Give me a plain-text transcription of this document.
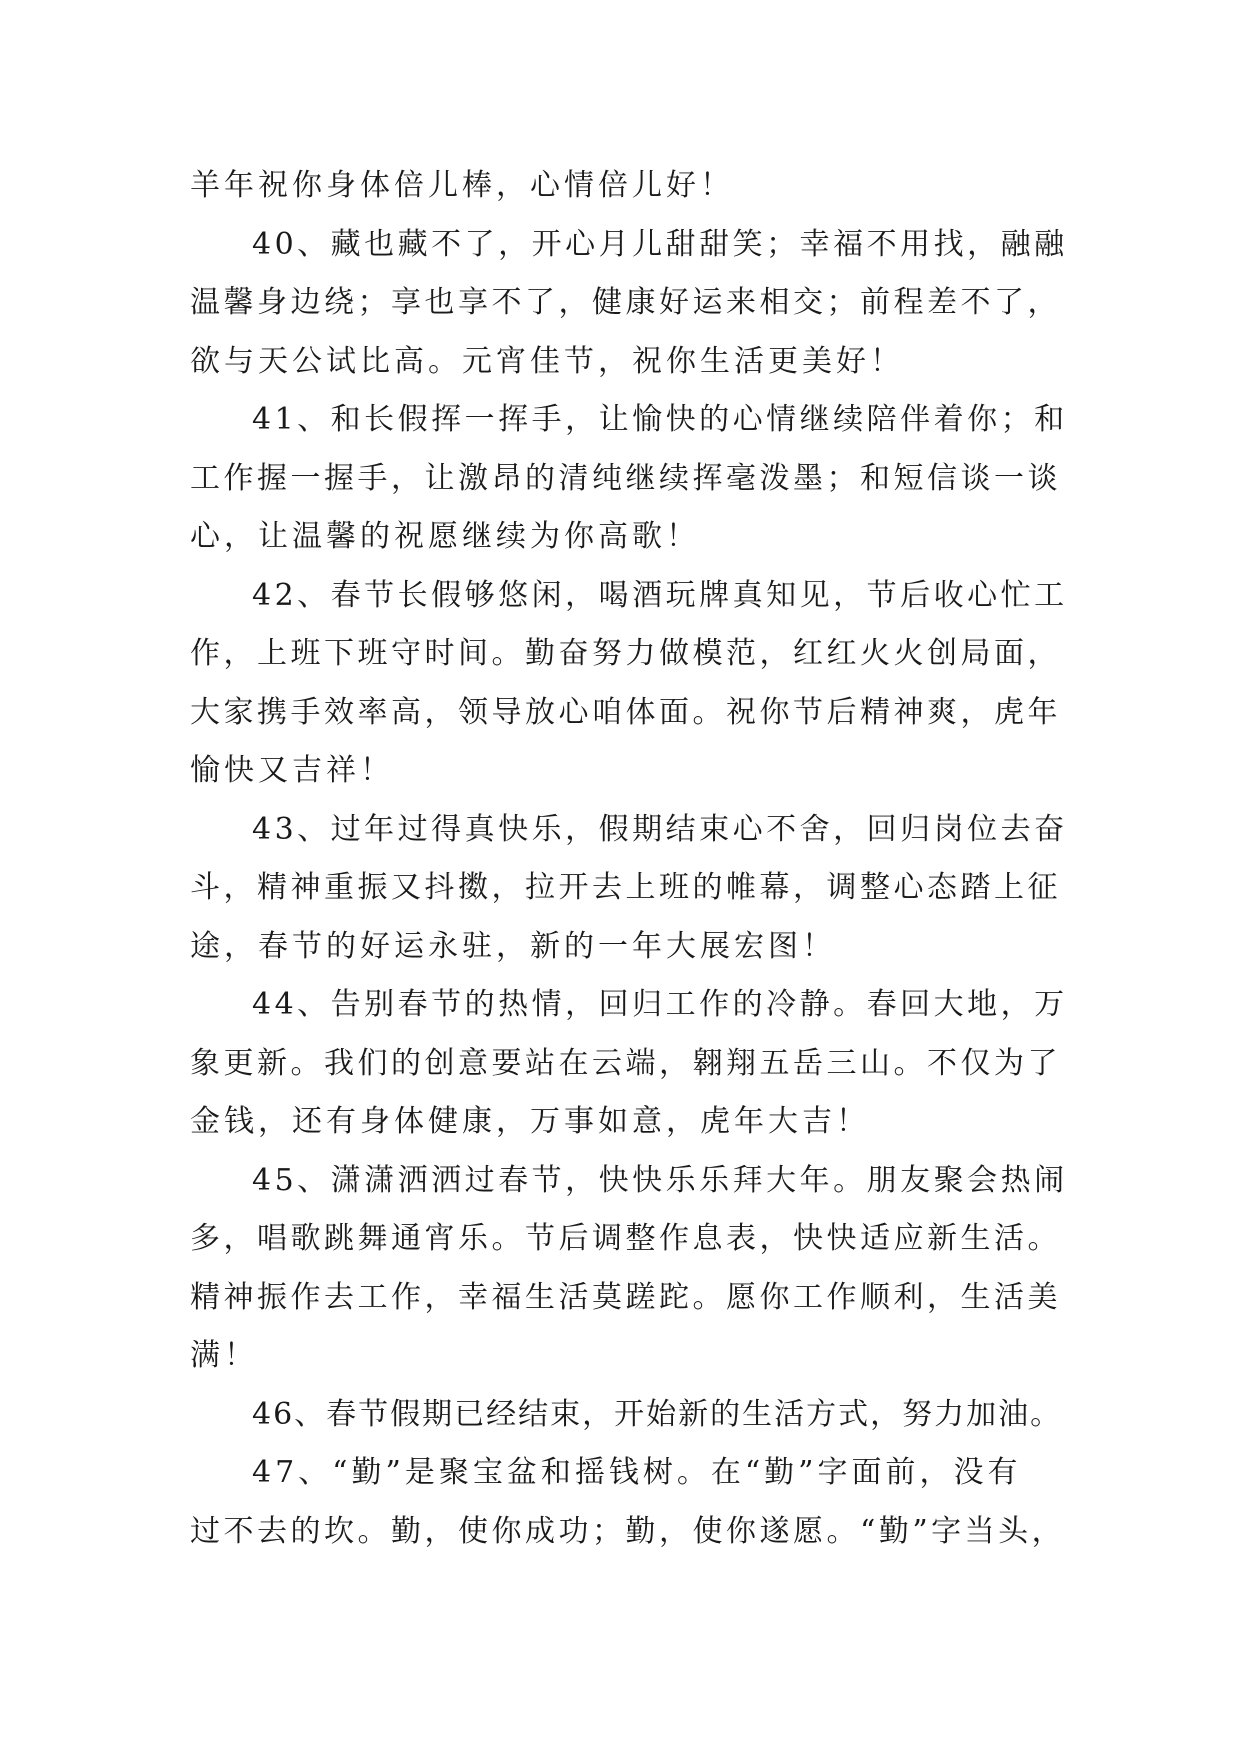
羊年祝你身体倍儿棒，心情倍儿好！
40、藏也藏不了，开心月儿甜甜笑；幸福不用找，融融
温馨身边绕；享也享不了，健康好运来相交；前程差不了，
欲与天公试比高。元宵佳节，祝你生活更美好！
41、和长假挥一挥手，让愉快的心情继续陪伴着你；和
工作握一握手，让激昂的清纯继续挥毫泼墨；和短信谈一谈
心，让温馨的祝愿继续为你高歌！
42、春节长假够悠闲，喝酒玩牌真知见，节后收心忙工
作，上班下班守时间。勤奋努力做模范，红红火火创局面，
大家携手效率高，领导放心咱体面。祝你节后精神爽，虎年
愉快又吉祥！
43、过年过得真快乐，假期结束心不舍，回归岗位去奋
斗，精神重振又抖擞，拉开去上班的帷幕，调整心态踏上征
途，春节的好运永驻，新的一年大展宏图！
44、告别春节的热情，回归工作的冷静。春回大地，万
象更新。我们的创意要站在云端，翱翔五岳三山。不仅为了
金钱，还有身体健康，万事如意，虎年大吉！
45、潇潇洒洒过春节，快快乐乐拜大年。朋友聚会热闹
多，唱歌跳舞通宵乐。节后调整作息表，快快适应新生活。
精神振作去工作，幸福生活莫蹉跎。愿你工作顺利，生活美
满！
46、春节假期已经结束，开始新的生活方式，努力加油。
47、“勤”是聚宝盆和摇钱树。在“勤”字面前，没有
过不去的坎。勤，使你成功；勤，使你遂愿。“勤”字当头，
